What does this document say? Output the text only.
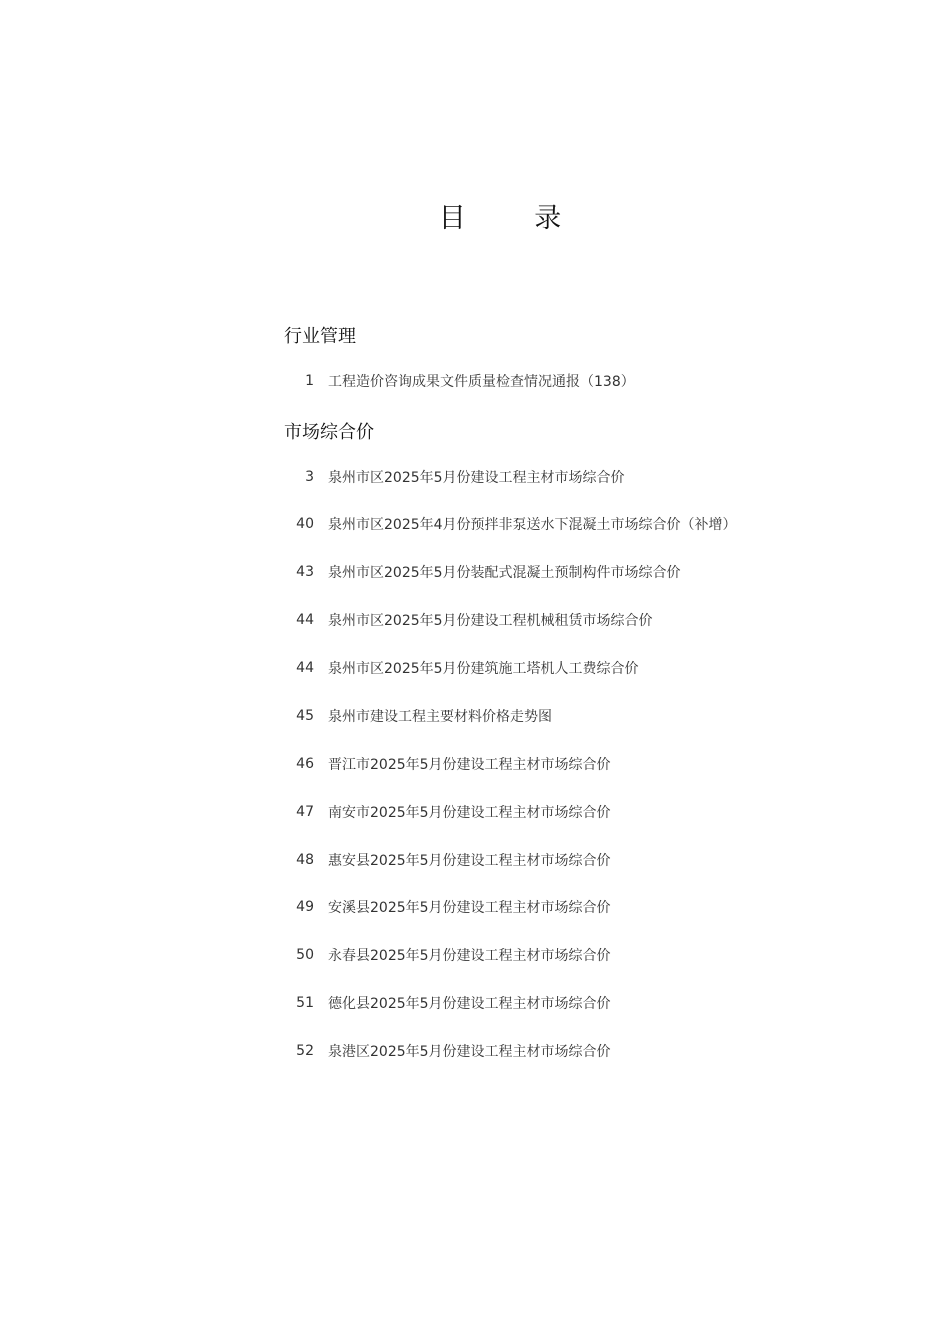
目 录
行业管理
1 工程造价咨询成果文件质量检查情况通报（138）
市场综合价
3 泉州市区2025年5月份建设工程主材市场综合价
40 泉州市区2025年4月份预拌非泵送水下混凝土市场综合价（补增）
43 泉州市区2025年5月份装配式混凝土预制构件市场综合价
44 泉州市区2025年5月份建设工程机械租赁市场综合价
44 泉州市区2025年5月份建筑施工塔机人工费综合价
45 泉州市建设工程主要材料价格走势图
46 晋江市2025年5月份建设工程主材市场综合价
47 南安市2025年5月份建设工程主材市场综合价
48 惠安县2025年5月份建设工程主材市场综合价
49 安溪县2025年5月份建设工程主材市场综合价
50 永春县2025年5月份建设工程主材市场综合价
51 德化县2025年5月份建设工程主材市场综合价
52 泉港区2025年5月份建设工程主材市场综合价
